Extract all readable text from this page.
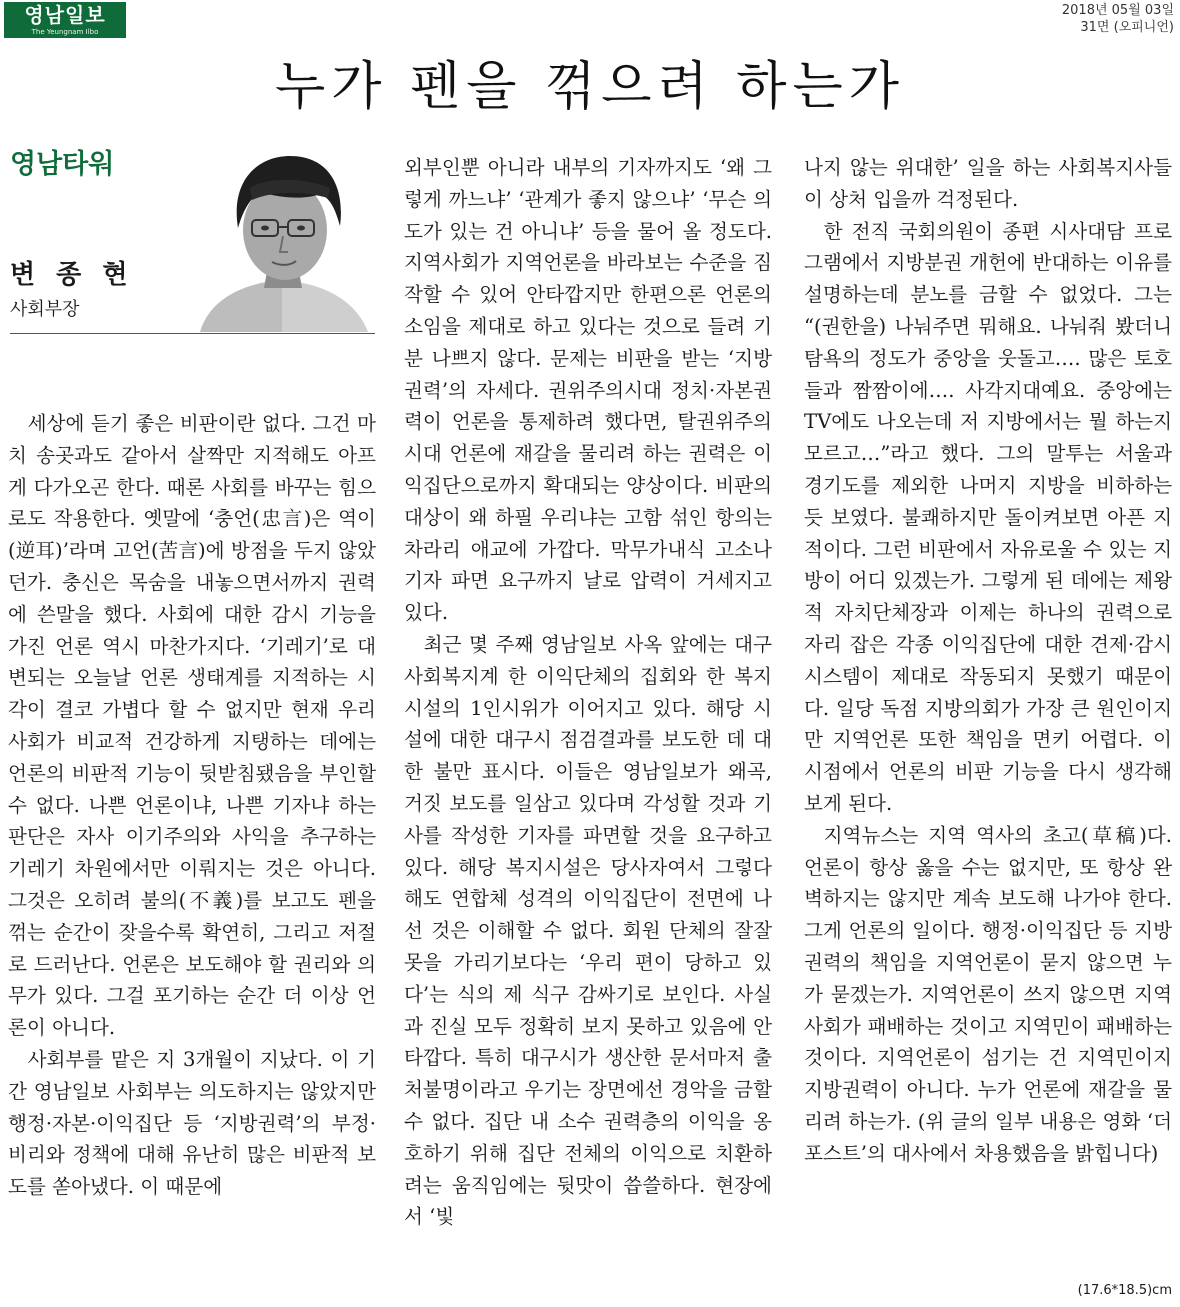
영남일보
The Yeungnam Ilbo
2018년 05월 03일
31면 (오피니언)
누가 펜을 꺾으려 하는가
영남타워
변 종 현
사회부장

세상에 듣기 좋은 비판이란 없다. 그건 마치 송곳과도 같아서 살짝만 지적해도 아프게 다가오곤 한다. 때론 사회를 바꾸는 힘으로도 작용한다. 옛말에 ‘충언(忠言)은 역이(逆耳)’라며 고언(苦言)에 방점을 두지 않았던가. 충신은 목숨을 내놓으면서까지 권력에 쓴말을 했다. 사회에 대한 감시 기능을 가진 언론 역시 마찬가지다. ‘기레기’로 대변되는 오늘날 언론 생태계를 지적하는 시각이 결코 가볍다 할 수 없지만 현재 우리 사회가 비교적 건강하게 지탱하는 데에는 언론의 비판적 기능이 뒷받침됐음을 부인할 수 없다. 나쁜 언론이냐, 나쁜 기자냐 하는 판단은 자사 이기주의와 사익을 추구하는 기레기 차원에서만 이뤄지는 것은 아니다. 그것은 오히려 불의(不義)를 보고도 펜을 꺾는 순간이 잦을수록 확연히, 그리고 저절로 드러난다. 언론은 보도해야 할 권리와 의무가 있다. 그걸 포기하는 순간 더 이상 언론이 아니다.

사회부를 맡은 지 3개월이 지났다. 이 기간 영남일보 사회부는 의도하지는 않았지만 행정·자본·이익집단 등 ‘지방권력’의 부정·비리와 정책에 대해 유난히 많은 비판적 보도를 쏟아냈다. 이 때문에

외부인뿐 아니라 내부의 기자까지도 ‘왜 그렇게 까느냐’ ‘관계가 좋지 않으냐’ ‘무슨 의도가 있는 건 아니냐’ 등을 물어 올 정도다. 지역사회가 지역언론을 바라보는 수준을 짐작할 수 있어 안타깝지만 한편으론 언론의 소임을 제대로 하고 있다는 것으로 들려 기분 나쁘지 않다. 문제는 비판을 받는 ‘지방권력’의 자세다. 권위주의시대 정치·자본권력이 언론을 통제하려 했다면, 탈권위주의시대 언론에 재갈을 물리려 하는 권력은 이익집단으로까지 확대되는 양상이다. 비판의 대상이 왜 하필 우리냐는 고함 섞인 항의는 차라리 애교에 가깝다. 막무가내식 고소나 기자 파면 요구까지 날로 압력이 거세지고 있다.

최근 몇 주째 영남일보 사옥 앞에는 대구 사회복지계 한 이익단체의 집회와 한 복지시설의 1인시위가 이어지고 있다. 해당 시설에 대한 대구시 점검결과를 보도한 데 대한 불만 표시다. 이들은 영남일보가 왜곡, 거짓 보도를 일삼고 있다며 각성할 것과 기사를 작성한 기자를 파면할 것을 요구하고 있다. 해당 복지시설은 당사자여서 그렇다 해도 연합체 성격의 이익집단이 전면에 나선 것은 이해할 수 없다. 회원 단체의 잘잘못을 가리기보다는 ‘우리 편이 당하고 있다’는 식의 제 식구 감싸기로 보인다. 사실과 진실 모두 정확히 보지 못하고 있음에 안타깝다. 특히 대구시가 생산한 문서마저 출처불명이라고 우기는 장면에선 경악을 금할 수 없다. 집단 내 소수 권력층의 이익을 옹호하기 위해 집단 전체의 이익으로 치환하려는 움직임에는 뒷맛이 씁쓸하다. 현장에서 ‘빛

나지 않는 위대한’ 일을 하는 사회복지사들이 상처 입을까 걱정된다.

한 전직 국회의원이 종편 시사대담 프로그램에서 지방분권 개헌에 반대하는 이유를 설명하는데 분노를 금할 수 없었다. 그는 “(권한을) 나눠주면 뭐해요. 나눠줘 봤더니 탐욕의 정도가 중앙을 웃돌고…. 많은 토호들과 짬짬이에…. 사각지대예요. 중앙에는 TV에도 나오는데 저 지방에서는 뭘 하는지 모르고…”라고 했다. 그의 말투는 서울과 경기도를 제외한 나머지 지방을 비하하는 듯 보였다. 불쾌하지만 돌이켜보면 아픈 지적이다. 그런 비판에서 자유로울 수 있는 지방이 어디 있겠는가. 그렇게 된 데에는 제왕적 자치단체장과 이제는 하나의 권력으로 자리 잡은 각종 이익집단에 대한 견제·감시시스템이 제대로 작동되지 못했기 때문이다. 일당 독점 지방의회가 가장 큰 원인이지만 지역언론 또한 책임을 면키 어렵다. 이 시점에서 언론의 비판 기능을 다시 생각해 보게 된다.

지역뉴스는 지역 역사의 초고(草稿)다. 언론이 항상 옳을 수는 없지만, 또 항상 완벽하지는 않지만 계속 보도해 나가야 한다. 그게 언론의 일이다. 행정·이익집단 등 지방권력의 책임을 지역언론이 묻지 않으면 누가 묻겠는가. 지역언론이 쓰지 않으면 지역사회가 패배하는 것이고 지역민이 패배하는 것이다. 지역언론이 섬기는 건 지역민이지 지방권력이 아니다. 누가 언론에 재갈을 물리려 하는가. (위 글의 일부 내용은 영화 ‘더 포스트’의 대사에서 차용했음을 밝힙니다)

(17.6*18.5)cm
